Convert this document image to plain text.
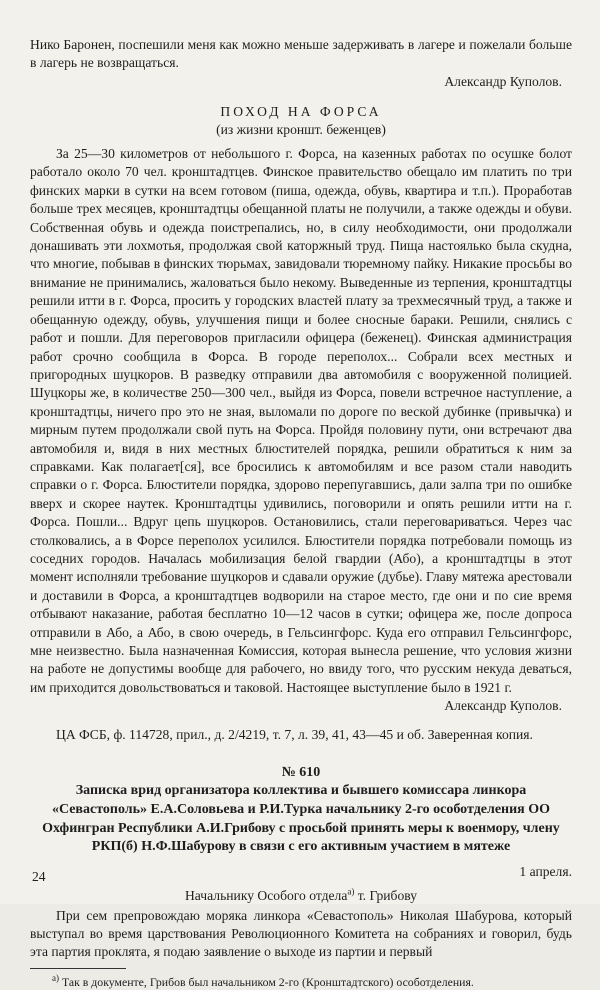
Нико Баронен, поспешили меня как можно меньше задерживать в лагере и пожелали больше в лагерь не возвращаться.

Александр Куполов.

ПОХОД НА ФОРСА

(из жизни кроншт. беженцев)

За 25—30 километров от небольшого г. Форса, на казенных работах по осушке болот работало около 70 чел. кронштадтцев. Финское правительство обещало им платить по три финских марки в сутки на всем готовом (пиша, одежда, обувь, квартира и т.п.). Проработав больше трех месяцев, кронштадтцы обещанной платы не получили, а также одежды и обуви. Собственная обувь и одежда поистрепались, но, в силу необходимости, они продолжали донашивать эти лохмотья, продолжая свой каторжный труд. Пища настоялько была скудна, что многие, побывав в финских тюрьмах, завидовали тюремному пайку. Никакие просьбы во внимание не принимались, жаловаться было некому. Выведенные из терпения, кронштадтцы решили итти в г. Форса, просить у городских властей плату за трехмесячный труд, а также и обещанную одежду, обувь, улучшения пищи и более сносные бараки. Решили, снялись с работ и пошли. Для переговоров пригласили офицера (беженец). Финская администрация работ срочно сообщила в Форса. В городе переполох... Собрали всех местных и пригородных шуцкоров. В разведку отправили два автомобиля с вооруженной полицией. Шуцкоры же, в количестве 250—300 чел., выйдя из Форса, повели встречное наступление, а кронштадтцы, ничего про это не зная, выломали по дороге по веской дубинке (привычка) и мирным путем продолжали свой путь на Форса. Пройдя половину пути, они встречают два автомобиля и, видя в них местных блюстителей порядка, решили обратиться к ним за справками. Как полагает[ся], все бросились к автомобилям и все разом стали наводить справки о г. Форса. Блюстители порядка, здорово перепугавшись, дали залпа три по ошибке вверх и скорее наутек. Кронштадтцы удивились, поговорили и опять решили итти на г. Форса. Пошли... Вдруг цепь шуцкоров. Остановились, стали переговариваться. Через час столковались, а в Форсе переполох усилился. Блюстители порядка потребовали помощь из соседних городов. Началась мобилизация белой гвардии (Або), а кронштадтцы в этот момент исполняли требование шуцкоров и сдавали оружие (дубье). Главу мятежа арестовали и доставили в Форса, а кронштадтцев водворили на старое место, где они и по сие время отбывают наказание, работая бесплатно 10—12 часов в сутки; офицера же, после допроса отправили в Або, а Або, в свою очередь, в Гельсингфорс. Куда его отправил Гельсингфорс, мне неизвестно. Была назначенная Комиссия, которая вынесла решение, что условия жизни на работе не допустимы вообще для рабочего, но ввиду того, что русским некуда деваться, им приходится довольствоваться и таковой. Настоящее выступление было в 1921 г.

Александр Куполов.

ЦА ФСБ, ф. 114728, прил., д. 2/4219, т. 7, л. 39, 41, 43—45 и об. Заверенная копия.

№ 610

Записка врид организатора коллектива и бывшего комиссара линкора «Севастополь» Е.А.Соловьева и Р.И.Турка начальнику 2-го особотделения ОО Охфингран Республики А.И.Грибову с просьбой принять меры к военмору, члену РКП(б) Н.Ф.Шабурову в связи с его активным участием в мятеже

1 апреля.

Начальнику Особого отдела$^{а)}$ т. Грибову

При сем препровождаю моряка линкора «Севастополь» Николая Шабурова, который выступал во время царствования Революционного Комитета на собраниях и говорил, будь эта партия проклята, я подаю заявление о выходе из партии и первый

$^{а)}$ Так в документе, Грибов был начальником 2-го (Кронштадтского) особотделения.

24
